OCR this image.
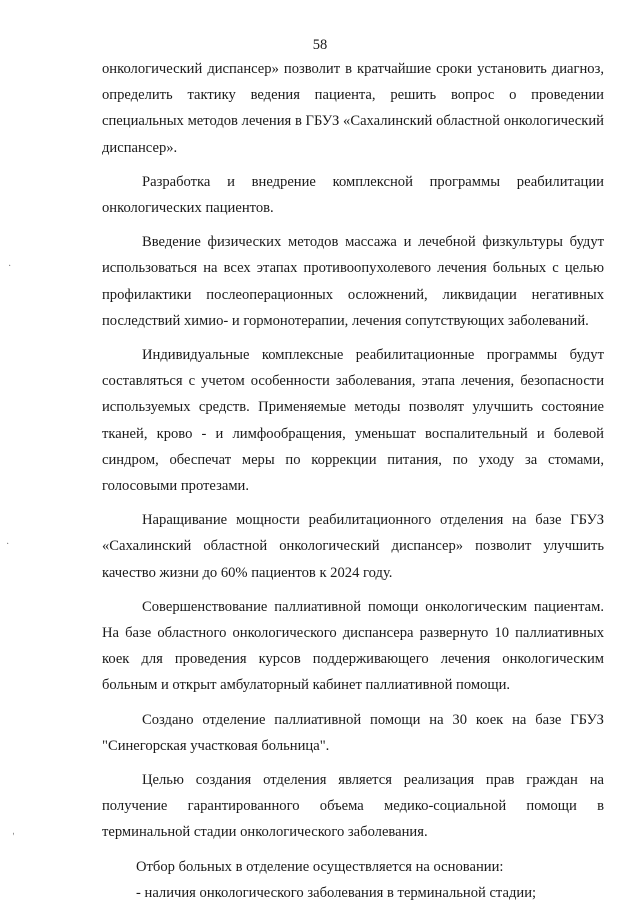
58

онкологический диспансер» позволит в кратчайшие сроки установить диагноз, определить тактику ведения пациента, решить вопрос о проведении специальных методов лечения в ГБУЗ «Сахалинский областной онкологический диспансер».

Разработка и внедрение комплексной программы реабилитации онкологических пациентов.

Введение физических методов массажа и лечебной физкультуры будут использоваться на всех этапах противоопухолевого лечения больных с целью профилактики послеоперационных осложнений, ликвидации негативных последствий химио- и гормонотерапии, лечения сопутствующих заболеваний.

Индивидуальные комплексные реабилитационные программы будут составляться с учетом особенности заболевания, этапа лечения, безопасности используемых средств. Применяемые методы позволят улучшить состояние тканей, крово - и лимфообращения, уменьшат воспалительный и болевой синдром, обеспечат меры по коррекции питания, по уходу за стомами, голосовыми протезами.

Наращивание мощности реабилитационного отделения на базе ГБУЗ «Сахалинский областной онкологический диспансер» позволит улучшить качество жизни до 60% пациентов к 2024 году.

Совершенствование паллиативной помощи онкологическим пациентам. На базе областного онкологического диспансера развернуто 10 паллиативных коек для проведения курсов поддерживающего лечения онкологическим больным и открыт амбулаторный кабинет паллиативной помощи.

Создано отделение паллиативной помощи на 30 коек на базе ГБУЗ "Синегорская участковая больница".

Целью создания отделения является реализация прав граждан на получение гарантированного объема медико-социальной помощи в терминальной стадии онкологического заболевания.

Отбор больных в отделение осуществляется на основании:

- наличия онкологического заболевания в терминальной стадии;

·
·
ʹ
